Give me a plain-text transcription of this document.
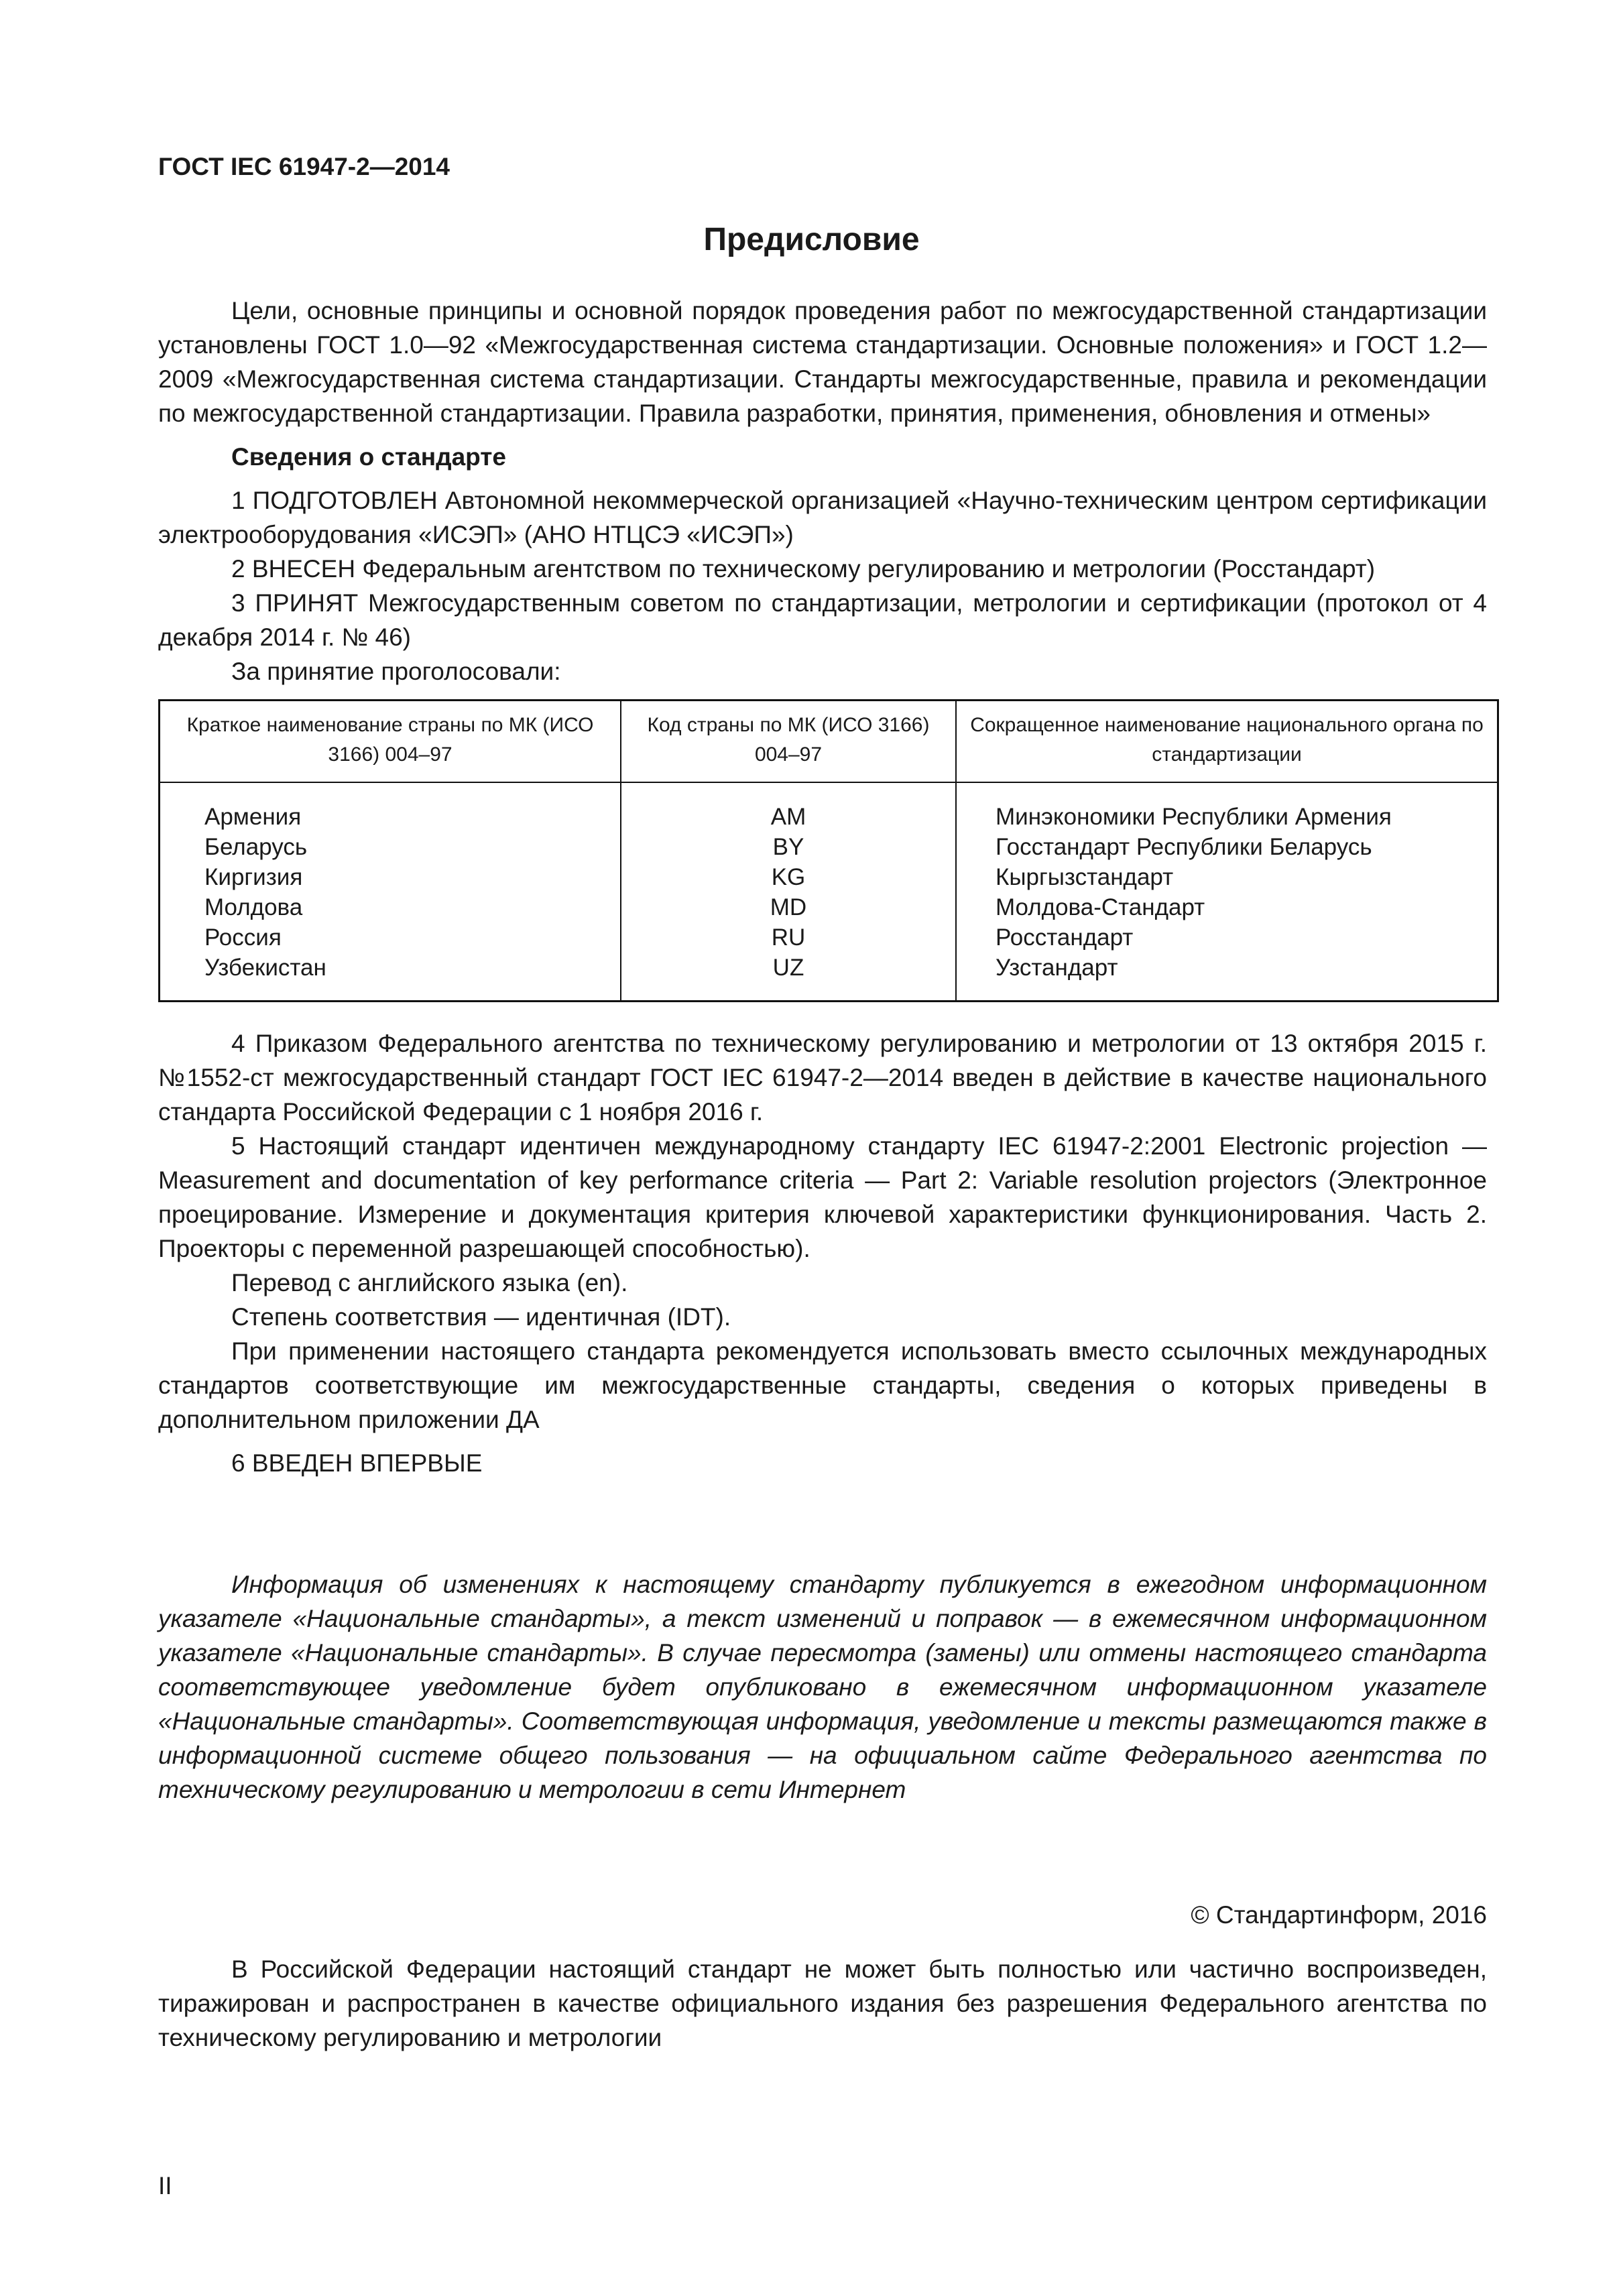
ГОСТ IEC 61947-2—2014
Предисловие

Цели, основные принципы и основной порядок проведения работ по межгосударственной стандартизации установлены ГОСТ 1.0—92 «Межгосударственная система стандартизации. Основные положения» и ГОСТ 1.2—2009 «Межгосударственная система стандартизации. Стандарты межгосударственные, правила и рекомендации по межгосударственной стандартизации. Правила разработки, принятия, применения, обновления и отмены»

Сведения о стандарте

1 ПОДГОТОВЛЕН Автономной некоммерческой организацией «Научно-техническим центром сертификации электрооборудования «ИСЭП» (АНО НТЦСЭ «ИСЭП»)

2 ВНЕСЕН Федеральным агентством по техническому регулированию и метрологии (Росстандарт)

3 ПРИНЯТ Межгосударственным советом по стандартизации, метрологии и сертификации (протокол от 4 декабря 2014 г. № 46)

За принятие проголосовали:

Краткое наименование страны по МК (ИСО 3166) 004–97	Код страны по МК (ИСО 3166) 004–97	Сокращенное наименование национального органа по стандартизации

Армения	AM	Минэкономики Республики Армения
Беларусь	BY	Госстандарт Республики Беларусь
Киргизия	KG	Кыргызстандарт
Молдова	MD	Молдова-Стандарт
Россия	RU	Росстандарт
Узбекистан	UZ	Узстандарт

4 Приказом Федерального агентства по техническому регулированию и метрологии от 13 октября 2015 г. №1552-ст межгосударственный стандарт ГОСТ IEC 61947-2—2014 введен в действие в качестве национального стандарта Российской Федерации с 1 ноября 2016 г.

5 Настоящий стандарт идентичен международному стандарту IEC 61947-2:2001 Electronic projection — Measurement and documentation of key performance criteria — Part 2: Variable resolution projectors (Электронное проецирование. Измерение и документация критерия ключевой характеристики функционирования. Часть 2. Проекторы с переменной разрешающей способностью).

Перевод с английского языка (en).

Степень соответствия — идентичная (IDT).

При применении настоящего стандарта рекомендуется использовать вместо ссылочных международных стандартов соответствующие им межгосударственные стандарты, сведения о которых приведены в дополнительном приложении ДА

6 ВВЕДЕН ВПЕРВЫЕ

Информация об изменениях к настоящему стандарту публикуется в ежегодном информационном указателе «Национальные стандарты», а текст изменений и поправок — в ежемесячном информационном указателе «Национальные стандарты». В случае пересмотра (замены) или отмены настоящего стандарта соответствующее уведомление будет опубликовано в ежемесячном информационном указателе «Национальные стандарты». Соответствующая информация, уведомление и тексты размещаются также в информационной системе общего пользования — на официальном сайте Федерального агентства по техническому регулированию и метрологии в сети Интернет

© Стандартинформ, 2016

В Российской Федерации настоящий стандарт не может быть полностью или частично воспроизведен, тиражирован и распространен в качестве официального издания без разрешения Федерального агентства по техническому регулированию и метрологии

II
